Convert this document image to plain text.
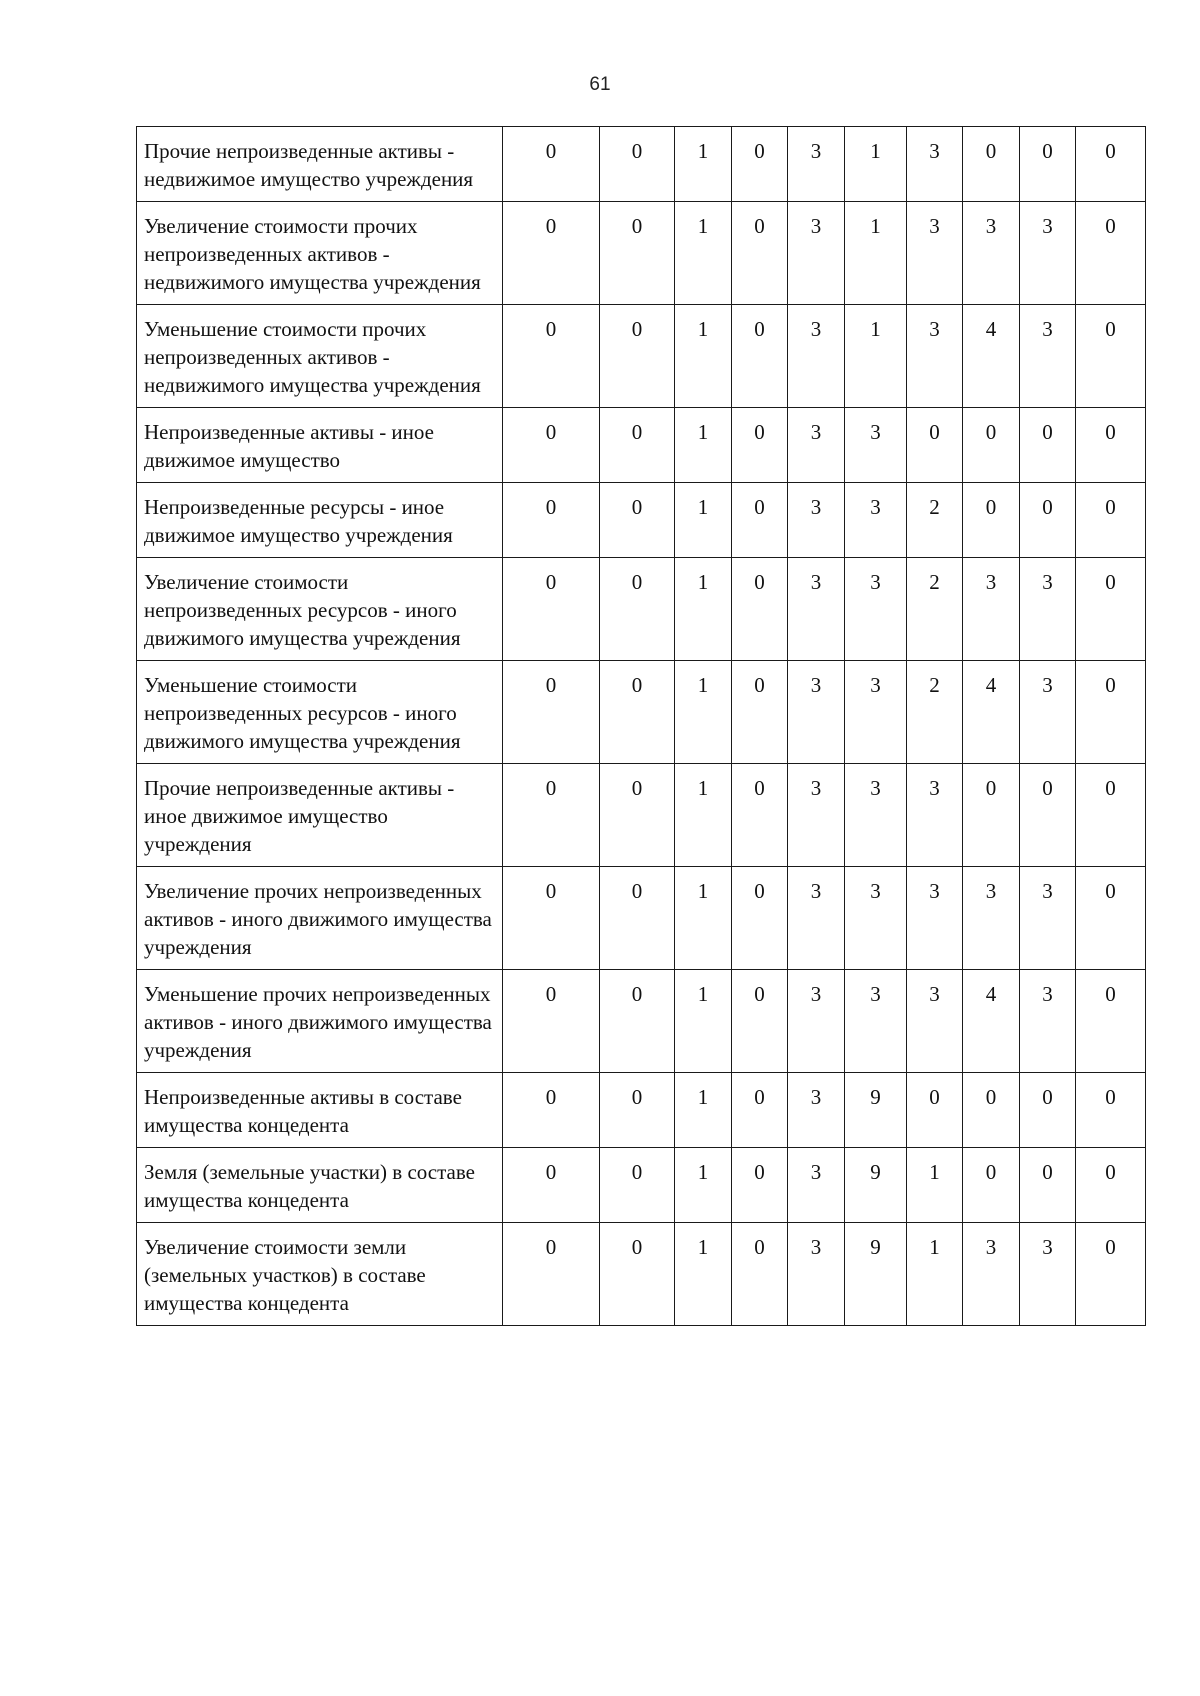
61
Прочие непроизведенные активы - недвижимое имущество учреждения	0	0	1	0	3	1	3	0	0	0
Увеличение стоимости прочих непроизведенных активов - недвижимого имущества учреждения	0	0	1	0	3	1	3	3	3	0
Уменьшение стоимости прочих непроизведенных активов - недвижимого имущества учреждения	0	0	1	0	3	1	3	4	3	0
Непроизведенные активы - иное движимое имущество	0	0	1	0	3	3	0	0	0	0
Непроизведенные ресурсы - иное движимое имущество учреждения	0	0	1	0	3	3	2	0	0	0
Увеличение стоимости непроизведенных ресурсов - иного движимого имущества учреждения	0	0	1	0	3	3	2	3	3	0
Уменьшение стоимости непроизведенных ресурсов - иного движимого имущества учреждения	0	0	1	0	3	3	2	4	3	0
Прочие непроизведенные активы - иное движимое имущество учреждения	0	0	1	0	3	3	3	0	0	0
Увеличение прочих непроизведенных активов - иного движимого имущества учреждения	0	0	1	0	3	3	3	3	3	0
Уменьшение прочих непроизведенных активов - иного движимого имущества учреждения	0	0	1	0	3	3	3	4	3	0
Непроизведенные активы в составе имущества концедента	0	0	1	0	3	9	0	0	0	0
Земля (земельные участки) в составе имущества концедента	0	0	1	0	3	9	1	0	0	0
Увеличение стоимости земли (земельных участков) в составе имущества концедента	0	0	1	0	3	9	1	3	3	0
